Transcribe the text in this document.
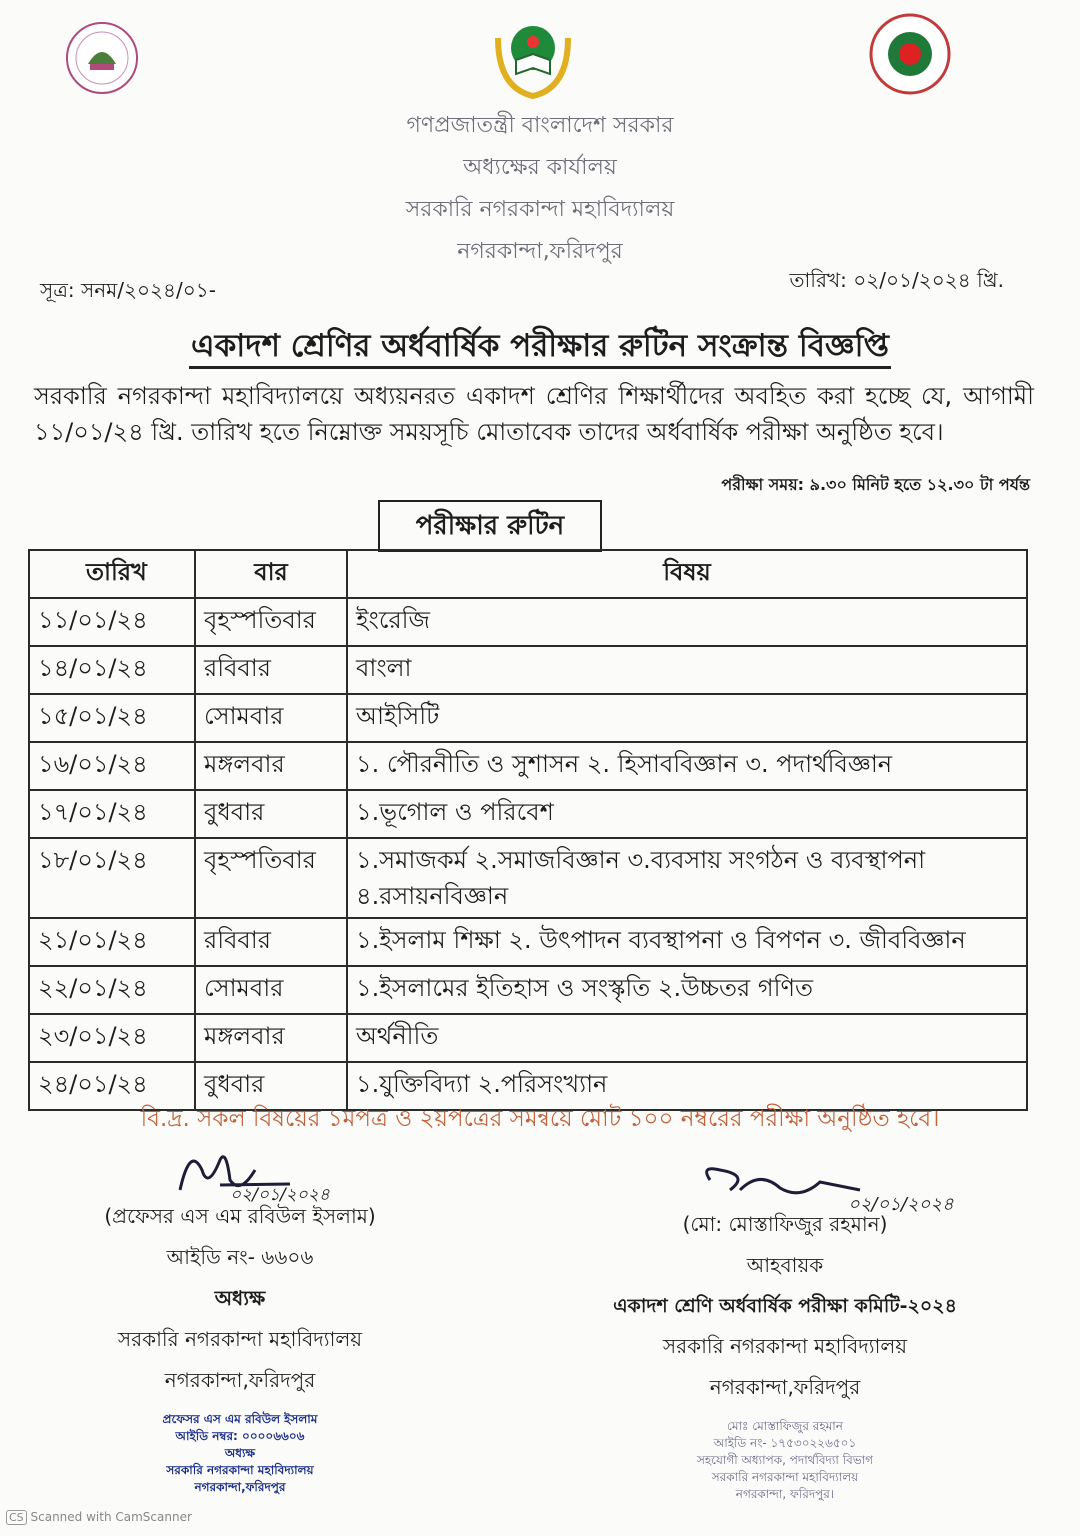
গণপ্রজাতন্ত্রী বাংলাদেশ সরকার
অধ্যক্ষের কার্যালয়
সরকারি নগরকান্দা মহাবিদ্যালয়
নগরকান্দা,ফরিদপুর
সূত্র: সনম/২০২৪/০১-	তারিখ: ০২/০১/২০২৪ খ্রি.
একাদশ শ্রেণির অর্ধবার্ষিক পরীক্ষার রুটিন সংক্রান্ত বিজ্ঞপ্তি
সরকারি নগরকান্দা মহাবিদ্যালয়ে অধ্যয়নরত একাদশ শ্রেণির শিক্ষার্থীদের অবহিত করা হচ্ছে যে, আগামী ১১/০১/২৪ খ্রি. তারিখ হতে নিম্নোক্ত সময়সূচি মোতাবেক তাদের অর্ধবার্ষিক পরীক্ষা অনুষ্ঠিত হবে।
পরীক্ষা সময়: ৯.৩০ মিনিট হতে ১২.৩০ টা পর্যন্ত
পরীক্ষার রুটিন
তারিখ	বার	বিষয়
১১/০১/২৪	বৃহস্পতিবার	ইংরেজি
১৪/০১/২৪	রবিবার	বাংলা
১৫/০১/২৪	সোমবার	আইসিটি
১৬/০১/২৪	মঙ্গলবার	১. পৌরনীতি ও সুশাসন ২. হিসাববিজ্ঞান ৩. পদার্থবিজ্ঞান
১৭/০১/২৪	বুধবার	১.ভূগোল ও পরিবেশ
১৮/০১/২৪	বৃহস্পতিবার	১.সমাজকর্ম ২.সমাজবিজ্ঞান ৩.ব্যবসায় সংগঠন ও ব্যবস্থাপনা ৪.রসায়নবিজ্ঞান
২১/০১/২৪	রবিবার	১.ইসলাম শিক্ষা ২. উৎপাদন ব্যবস্থাপনা ও বিপণন ৩. জীববিজ্ঞান
২২/০১/২৪	সোমবার	১.ইসলামের ইতিহাস ও সংস্কৃতি ২.উচ্চতর গণিত
২৩/০১/২৪	মঙ্গলবার	অর্থনীতি
২৪/০১/২৪	বুধবার	১.যুক্তিবিদ্যা ২.পরিসংখ্যান
বি.দ্র. সকল বিষয়ের ১মপত্র ও ২য়পত্রের সমন্বয়ে মোট ১০০ নম্বরের পরীক্ষা অনুষ্ঠিত হবে।
০২/০১/২০২৪
(প্রফেসর এস এম রবিউল ইসলাম)
আইডি নং- ৬৬০৬
অধ্যক্ষ
সরকারি নগরকান্দা মহাবিদ্যালয়
নগরকান্দা,ফরিদপুর
প্রফেসর এস এম রবিউল ইসলাম
আইডি নম্বর: ০০০০৬৬০৬
অধ্যক্ষ
সরকারি নগরকান্দা মহাবিদ্যালয়
নগরকান্দা,ফরিদপুর
০২/০১/২০২৪
(মো: মোস্তাফিজুর রহমান)
আহবায়ক
একাদশ শ্রেণি অর্ধবার্ষিক পরীক্ষা কমিটি-২০২৪
সরকারি নগরকান্দা মহাবিদ্যালয়
নগরকান্দা,ফরিদপুর
মোঃ মোস্তাফিজুর রহমান
আইডি নং- ১৭৫৩০২২৬৫০১
সহযোগী অধ্যাপক, পদার্থবিদ্যা বিভাগ
সরকারি নগরকান্দা মহাবিদ্যালয়
নগরকান্দা, ফরিদপুর।
CS Scanned with CamScanner
